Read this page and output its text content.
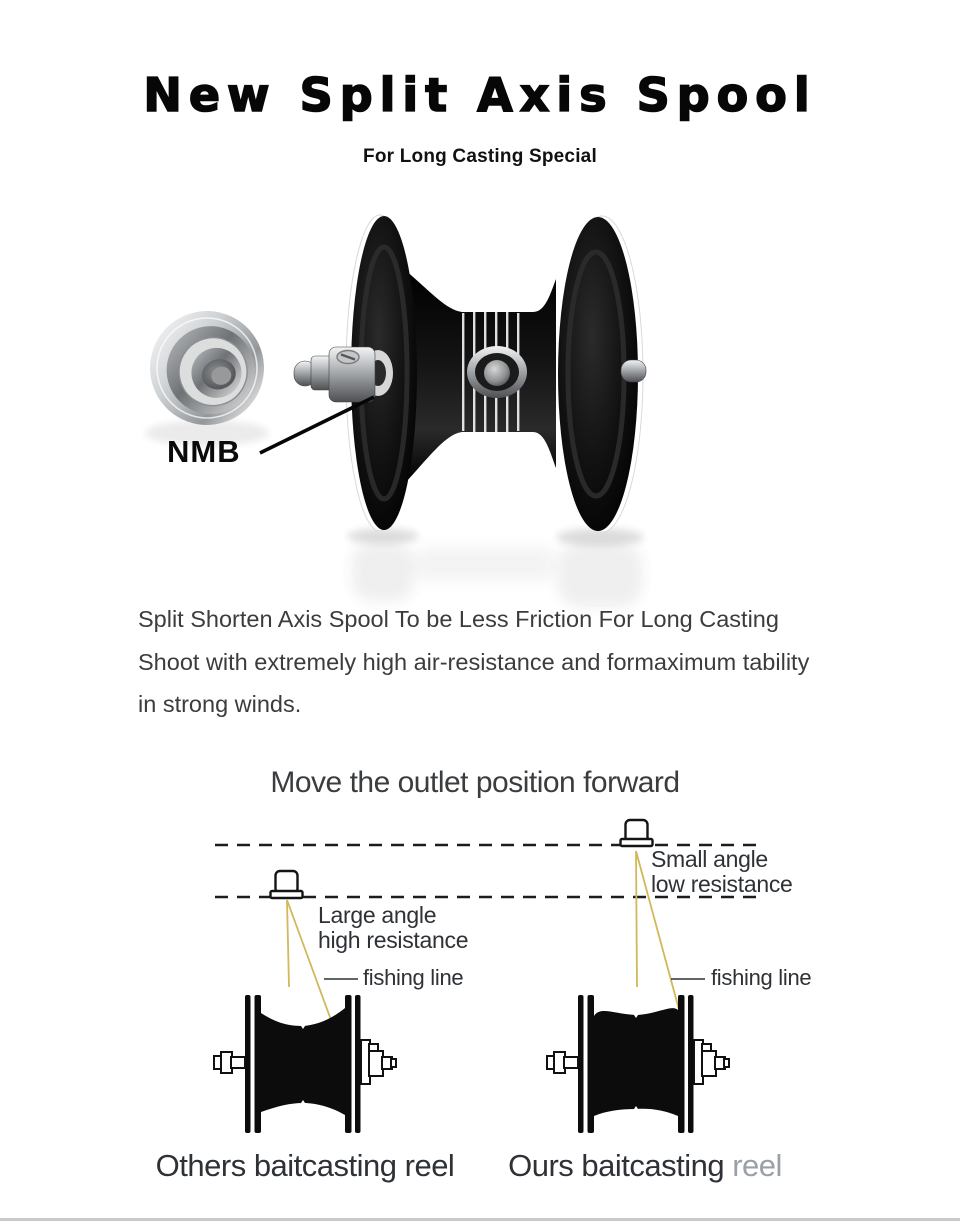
New Split Axis Spool
For Long Casting Special
NMB
Split Shorten Axis Spool To be Less Friction For Long Casting
Shoot with extremely high air-resistance and formaximum tability
in strong winds.
Move the outlet position forward
Small angle
low resistance
Large angle
high resistance
fishing line	fishing line
Others baitcasting reel	Ours baitcasting reel
